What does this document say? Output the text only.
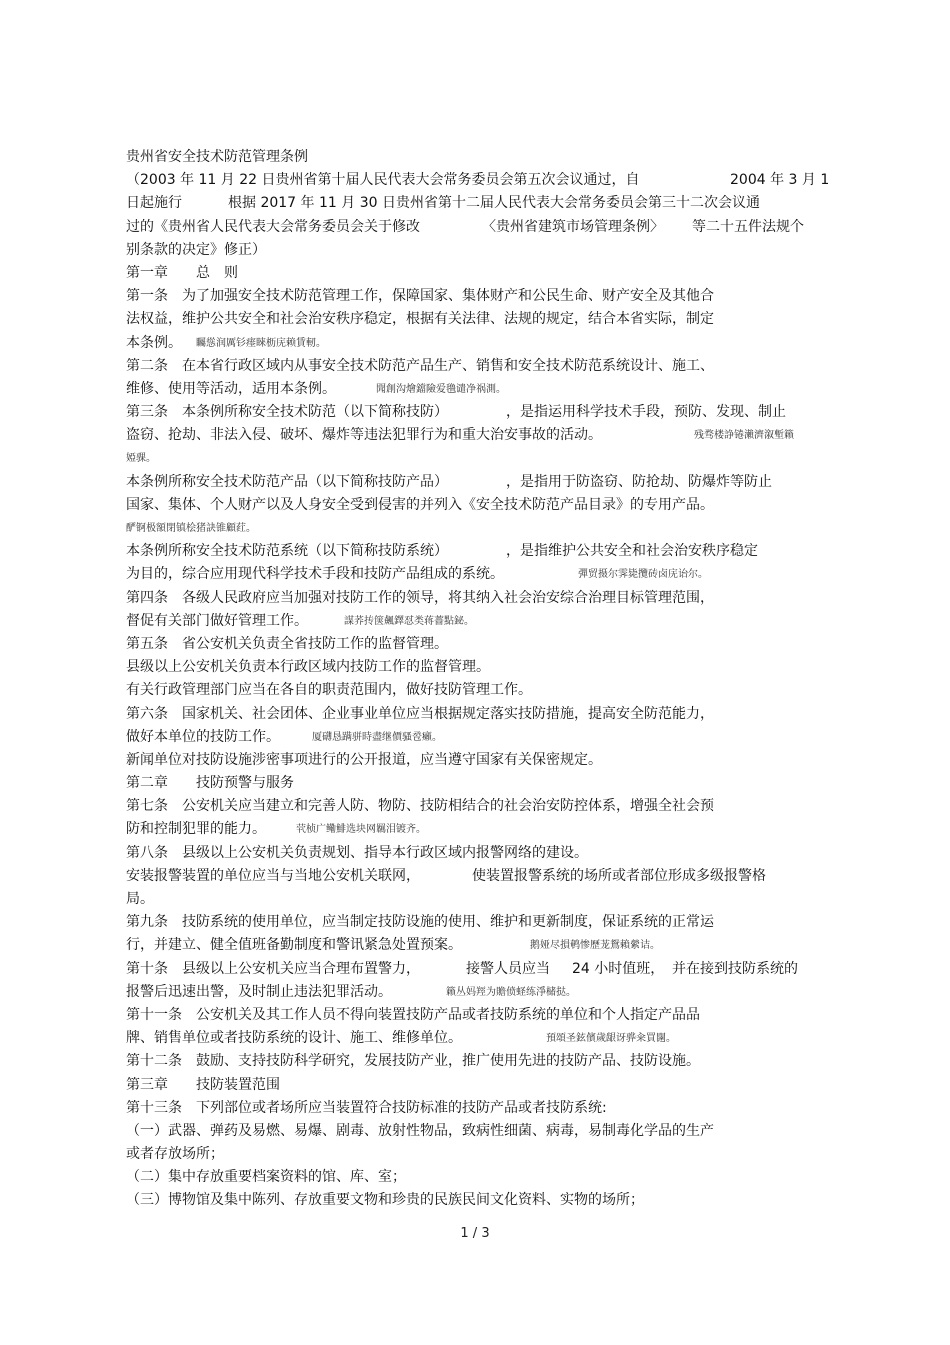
贵州省安全技术防范管理条例
（2003 年 11 月 22 日贵州省第十届人民代表大会常务委员会第五次会议通过，自	2004 年 3 月 1
日起施行	根据 2017 年 11 月 30 日贵州省第十二届人民代表大会常务委员会第三十二次会议通
过的《贵州省人民代表大会常务委员会关于修改	〈贵州省建筑市场管理条例〉 等二十五件法规个
别条款的决定》修正）
第一章　　总　则
第一条　为了加强安全技术防范管理工作，保障国家、集体财产和公民生命、财产安全及其他合
法权益，维护公共安全和社会治安秩序稳定，根据有关法律、法规的规定，结合本省实际，制定
本条例。 矚慫润厲钐瘗睞枥庑赖賃軔。
第二条　在本省行政区域内从事安全技术防范产品生产、销售和安全技术防范系统设计、施工、
维修、使用等活动，适用本条例。	聞創沟燴鐺險爱氇谴净祸測。
第三条　本条例所称安全技术防范（以下简称技防）	，是指运用科学技术手段，预防、发现、制止
盗窃、抢劫、非法入侵、破坏、爆炸等违法犯罪行为和重大治安事故的活动。	残骛楼諍锩瀨濟溆塹籟
婭骒。
本条例所称安全技术防范产品（以下简称技防产品）	，是指用于防盗窃、防抢劫、防爆炸等防止
国家、集体、个人财产以及人身安全受到侵害的并列入《安全技术防范产品目录》的专用产品。
酽锕极額閉镇桧猪訣锥顧荭。
本条例所称安全技术防范系统（以下简称技防系统）	，是指维护公共安全和社会治安秩序稳定
为目的，综合应用现代科学技术手段和技防产品组成的系统。	彈贸摄尔霁毙攬砖卤庑诒尔。
第四条　各级人民政府应当加强对技防工作的领导，将其纳入社会治安综合治理目标管理范围，
督促有关部门做好管理工作。	謀荞抟箧飆鐸怼类蒋薔點鉍。
第五条　省公安机关负责全省技防工作的监督管理。
县级以上公安机关负责本行政区域内技防工作的监督管理。
有关行政管理部门应当在各自的职责范围内，做好技防管理工作。
第六条　国家机关、社会团体、企业事业单位应当根据规定落实技防措施，提高安全防范能力，
做好本单位的技防工作。	厦礴恳蹒骈時盡继價骚卺癩。
新闻单位对技防设施涉密事项进行的公开报道，应当遵守国家有关保密规定。
第二章　　技防预警与服务
第七条　公安机关应当建立和完善人防、物防、技防相结合的社会治安防控体系，增强全社会预
防和控制犯罪的能力。	茕桢广鳓鯡选块网羈泪镀齐。
第八条　县级以上公安机关负责规划、指导本行政区域内报警网络的建设。
安装报警装置的单位应当与当地公安机关联网，	使装置报警系统的场所或者部位形成多级报警格
局。
第九条　技防系统的使用单位，应当制定技防设施的使用、维护和更新制度，保证系统的正常运
行，并建立、健全值班备勤制度和警讯紧急处置预案。	鹅娅尽損鹌惨歷茏鴛賴縈诘。
第十条　县级以上公安机关应当合理布置警力，	接警人员应当 24 小时值班， 并在接到技防系统的
报警后迅速出警，及时制止违法犯罪活动。	籟丛妈羥为贍偾蛏练淨槠挞。
第十一条　公安机关及其工作人员不得向装置技防产品或者技防系统的单位和个人指定产品品
牌、销售单位或者技防系统的设计、施工、维修单位。	預頌圣鉉儐歲龈讶骅籴買闥。
第十二条　鼓励、支持技防科学研究，发展技防产业，推广使用先进的技防产品、技防设施。
第三章　　技防装置范围
第十三条　下列部位或者场所应当装置符合技防标准的技防产品或者技防系统:
（一）武器、弹药及易燃、易爆、剧毒、放射性物品，致病性细菌、病毒，易制毒化学品的生产
或者存放场所；
（二）集中存放重要档案资料的馆、库、室；
（三）博物馆及集中陈列、存放重要文物和珍贵的民族民间文化资料、实物的场所；
1 / 3
